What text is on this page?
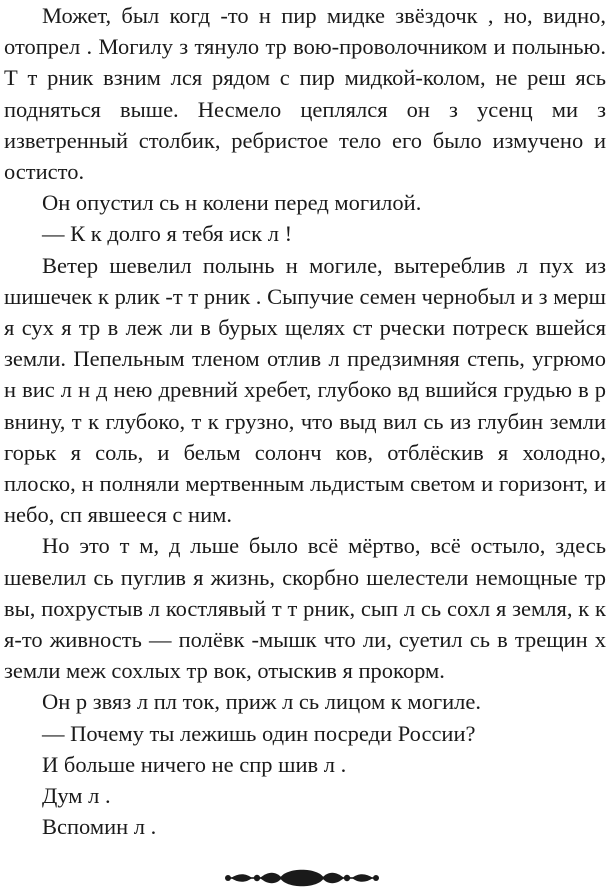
Может, был когд -то н пир мидке звёздочк , но, видно, отопрел . Могилу з тянуло тр вою-проволочником и полынью. Т т рник взним лся рядом с пир мидкой-колом, не реш ясь подняться выше. Несмело цеплялся он з усенц ми з изветренный столбик, ребристое тело его было измучено и остисто.

Он опустил сь н колени перед могилой.

— К к долго я тебя иск л !

Ветер шевелил полынь н могиле, вытереблив л пух из шишечек к рлик -т т рник . Сыпучие семен чернобыл и з мерш я сух я тр в леж ли в бурых щелях ст рчески потреск вшейся земли. Пепельным тленом отлив л предзимняя степь, угрюмо н вис л н д нею древний хребет, глубоко вд вшийся грудью в р внину, т к глубоко, т к грузно, что выд вил сь из глубин земли горьк я соль, и бельм солонч ков, отблёскив я холодно, плоско, н полняли мертвенным льдистым светом и горизонт, и небо, сп явшееся с ним.

Но это т м, д льше было всё мёртво, всё остыло, здесь шевелил сь пуглив я жизнь, скорбно шелестели немощные тр вы, похрустыв л костлявый т т рник, сып л сь сохл я земля, к к я-то живность — полёвк -мышк что ли, суетил сь в трещин х земли меж сохлых тр вок, отыскив я прокорм.

Он р звяз л пл ток, приж л сь лицом к могиле.

— Почему ты лежишь один посреди России?

И больше ничего не спр шив л .

Дум л .

Вспомин л .
